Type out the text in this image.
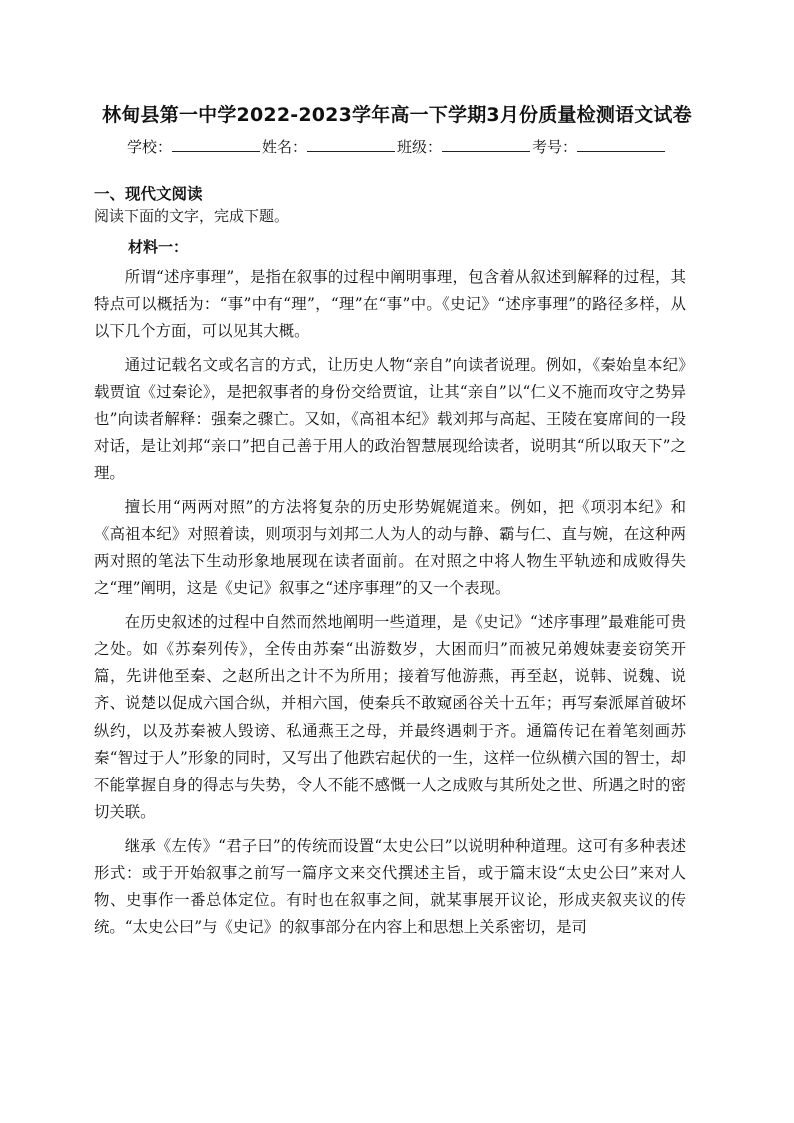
林甸县第一中学2022-2023学年高一下学期3月份质量检测语文试卷
学校：	姓名：	班级：	考号：
一、现代文阅读
阅读下面的文字，完成下题。
材料一：

所谓“述序事理”，是指在叙事的过程中阐明事理，包含着从叙述到解释的过程，其特点可以概括为：“事”中有“理”，“理”在“事”中。《史记》“述序事理”的路径多样，从以下几个方面，可以见其大概。

通过记载名文或名言的方式，让历史人物“亲自”向读者说理。例如，《秦始皇本纪》载贾谊《过秦论》，是把叙事者的身份交给贾谊，让其“亲自”以“仁义不施而攻守之势异也”向读者解释：强秦之骤亡。又如，《高祖本纪》载刘邦与高起、王陵在宴席间的一段对话，是让刘邦“亲口”把自己善于用人的政治智慧展现给读者，说明其“所以取天下”之理。

擅长用“两两对照”的方法将复杂的历史形势娓娓道来。例如，把《项羽本纪》和《高祖本纪》对照着读，则项羽与刘邦二人为人的动与静、霸与仁、直与婉，在这种两两对照的笔法下生动形象地展现在读者面前。在对照之中将人物生平轨迹和成败得失之“理”阐明，这是《史记》叙事之“述序事理”的又一个表现。

在历史叙述的过程中自然而然地阐明一些道理，是《史记》“述序事理”最难能可贵之处。如《苏秦列传》，全传由苏秦“出游数岁，大困而归”而被兄弟嫂妹妻妾窃笑开篇，先讲他至秦、之赵所出之计不为所用；接着写他游燕，再至赵，说韩、说魏、说齐、说楚以促成六国合纵，并相六国，使秦兵不敢窥函谷关十五年；再写秦派犀首破坏纵约，以及苏秦被人毁谤、私通燕王之母，并最终遇刺于齐。通篇传记在着笔刻画苏秦“智过于人”形象的同时，又写出了他跌宕起伏的一生，这样一位纵横六国的智士，却不能掌握自身的得志与失势，令人不能不感慨一人之成败与其所处之世、所遇之时的密切关联。

继承《左传》“君子曰”的传统而设置“太史公曰”以说明种种道理。这可有多种表述形式：或于开始叙事之前写一篇序文来交代撰述主旨，或于篇末设“太史公曰”来对人物、史事作一番总体定位。有时也在叙事之间，就某事展开议论，形成夹叙夹议的传统。“太史公曰”与《史记》的叙事部分在内容上和思想上关系密切，是司
